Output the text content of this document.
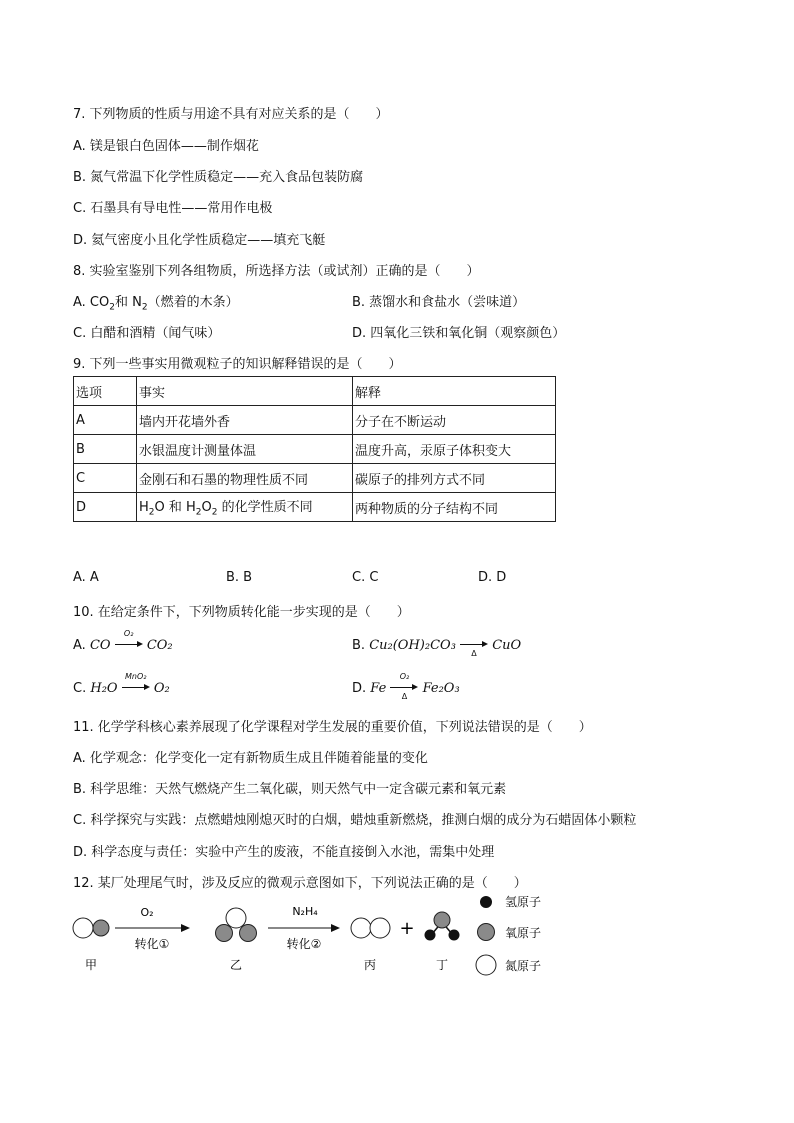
7. 下列物质的性质与用途不具有对应关系的是（　　）
A. 镁是银白色固体——制作烟花
B. 氮气常温下化学性质稳定——充入食品包装防腐
C. 石墨具有导电性——常用作电极
D. 氦气密度小且化学性质稳定——填充飞艇
8. 实验室鉴别下列各组物质，所选择方法（或试剂）正确的是（　　）
A. $CO_2$和 $N_2$（燃着的木条）	B. 蒸馏水和食盐水（尝味道）
C. 白醋和酒精（闻气味）	D. 四氧化三铁和氧化铜（观察颜色）
9. 下列一些事实用微观粒子的知识解释错误的是（　　）
选项	事实	解释
A	墙内开花墙外香	分子在不断运动
B	水银温度计测量体温	温度升高，汞原子体积变大
C	金刚石和石墨的物理性质不同	碳原子的排列方式不同
D	$H_2O$ 和 $H_2O_2$ 的化学性质不同	两种物质的分子结构不同
A. A	B. B	C. C	D. D
10. 在给定条件下，下列物质转化能一步实现的是（　　）
A. CO
O₂
CO₂	B. Cu₂(OH)₂CO₃
Δ
CuO
C. H₂O
MnO₂
O₂	D. Fe $\frac{\text{O₂}}{\Delta} Fe_2O_3$
11. 化学学科核心素养展现了化学课程对学生发展的重要价值，下列说法错误的是（　　）
A. 化学观念：化学变化一定有新物质生成且伴随着能量的变化
B. 科学思维：天然气燃烧产生二氧化碳，则天然气中一定含碳元素和氧元素
C. 科学探究与实践：点燃蜡烛刚熄灭时的白烟，蜡烛重新燃烧，推测白烟的成分为石蜡固体小颗粒
D. 科学态度与责任：实验中产生的废液，不能直接倒入水池，需集中处理
12. 某厂处理尾气时，涉及反应的微观示意图如下，下列说法正确的是（　　）
O₂
转化①
N₂H₄
转化②
+
甲	乙	丙	丁
氢原子
氧原子
氮原子
